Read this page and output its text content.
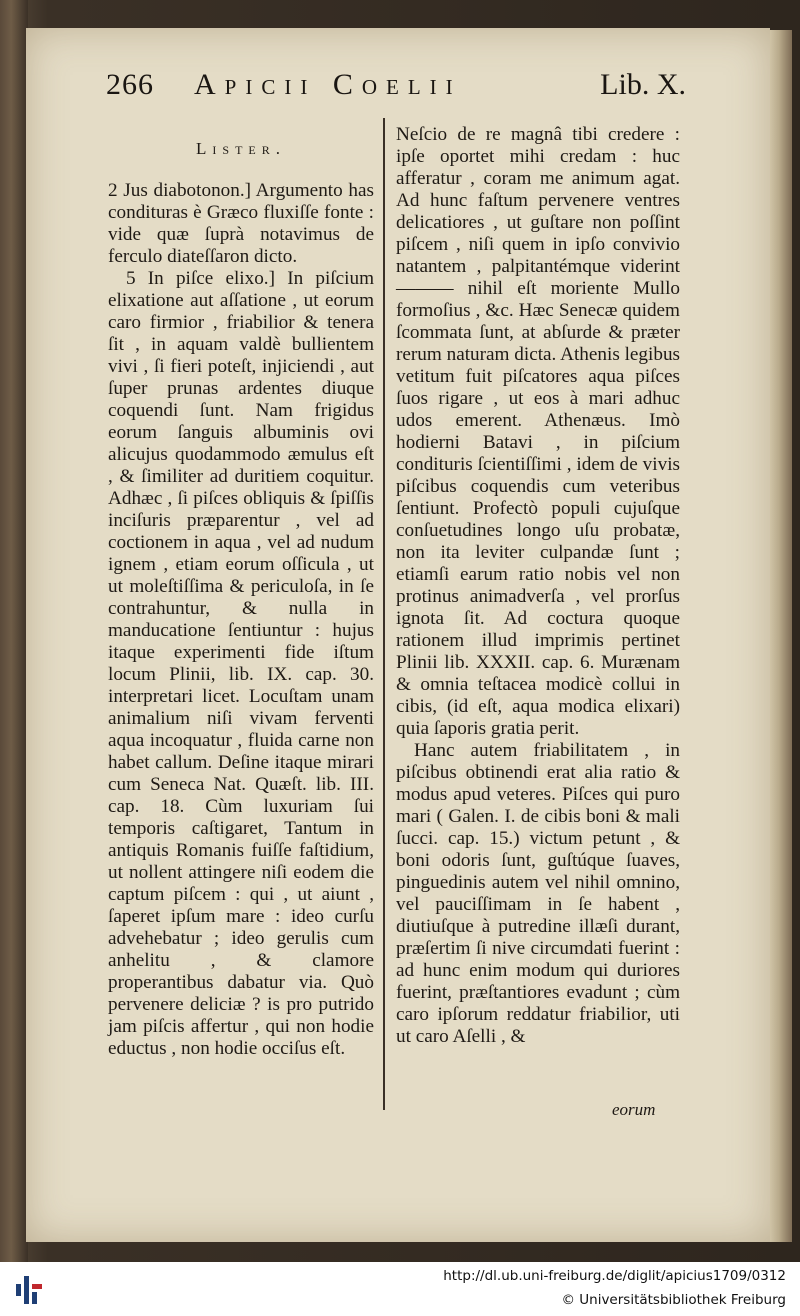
266 Apicii Coelii	Lib. X.
Lister.

2 Jus diabotonon.] Argumento has condituras è Græco fluxiſſe fonte : vide quæ ſuprà notavimus de ferculo diateſſaron dicto.

5 In piſce elixo.] In piſcium elixatione aut aſſatione , ut eorum caro firmior , friabilior & tenera ſit , in aquam valdè bullientem vivi , ſi fieri poteſt, injiciendi , aut ſuper prunas ardentes diuque coquendi ſunt. Nam frigidus eorum ſanguis albuminis ovi alicujus quodammodo æmulus eſt , & ſimiliter ad duritiem coquitur. Adhæc , ſi piſces obliquis & ſpiſſis inciſuris præparentur , vel ad coctionem in aqua , vel ad nudum ignem , etiam eorum oſſicula , ut ut moleſtiſſima & periculoſa, in ſe contrahuntur, & nulla in manducatione ſentiuntur : hujus itaque experimenti fide iſtum locum Plinii, lib. IX. cap. 30. interpretari licet. Locuſtam unam animalium niſi vivam ferventi aqua incoquatur , fluida carne non habet callum. Deſine itaque mirari cum Seneca Nat. Quæſt. lib. III. cap. 18. Cùm luxuriam ſui temporis caſtigaret, Tantum in antiquis Romanis fuiſſe faſtidium, ut nollent attingere niſi eodem die captum piſcem : qui , ut aiunt , ſaperet ipſum mare : ideo curſu advehebatur ; ideo gerulis cum anhelitu , & clamore properantibus dabatur via. Quò pervenere deliciæ ? is pro putrido jam piſcis affertur , qui non hodie eductus , non hodie occiſus eſt.

Neſcio de re magnâ tibi credere : ipſe oportet mihi credam : huc afferatur , coram me animum agat. Ad hunc faſtum pervenere ventres delicatiores , ut guſtare non poſſint piſcem , niſi quem in ipſo convivio natantem , palpitantémque viderint ——— nihil eſt moriente Mullo formoſius , &c. Hæc Senecæ quidem ſcommata ſunt, at abſurde & præter rerum naturam dicta. Athenis legibus vetitum fuit piſcatores aqua piſces ſuos rigare , ut eos à mari adhuc udos emerent. Athenæus. Imò hodierni Batavi , in piſcium condituris ſcientiſſimi , idem de vivis piſcibus coquendis cum veteribus ſentiunt. Profectò populi cujuſque conſuetudines longo uſu probatæ, non ita leviter culpandæ ſunt ; etiamſi earum ratio nobis vel non protinus animadverſa , vel prorſus ignota ſit. Ad coctura quoque rationem illud imprimis pertinet Plinii lib. XXXII. cap. 6. Murænam & omnia teſtacea modicè collui in cibis, (id eſt, aqua modica elixari) quia ſaporis gratia perit.

Hanc autem friabilitatem , in piſcibus obtinendi erat alia ratio & modus apud veteres. Piſces qui puro mari ( Galen. I. de cibis boni & mali ſucci. cap. 15.) victum petunt , & boni odoris ſunt, guſtúque ſuaves, pinguedinis autem vel nihil omnino, vel pauciſſimam in ſe habent , diutiuſque à putredine illæſi durant, præſertim ſi nive circumdati fuerint : ad hunc enim modum qui duriores fuerint, præſtantiores evadunt ; cùm caro ipſorum reddatur friabilior, uti ut caro Aſelli , &

eorum
http://dl.ub.uni-freiburg.de/diglit/apicius1709/0312
© Universitätsbibliothek Freiburg
